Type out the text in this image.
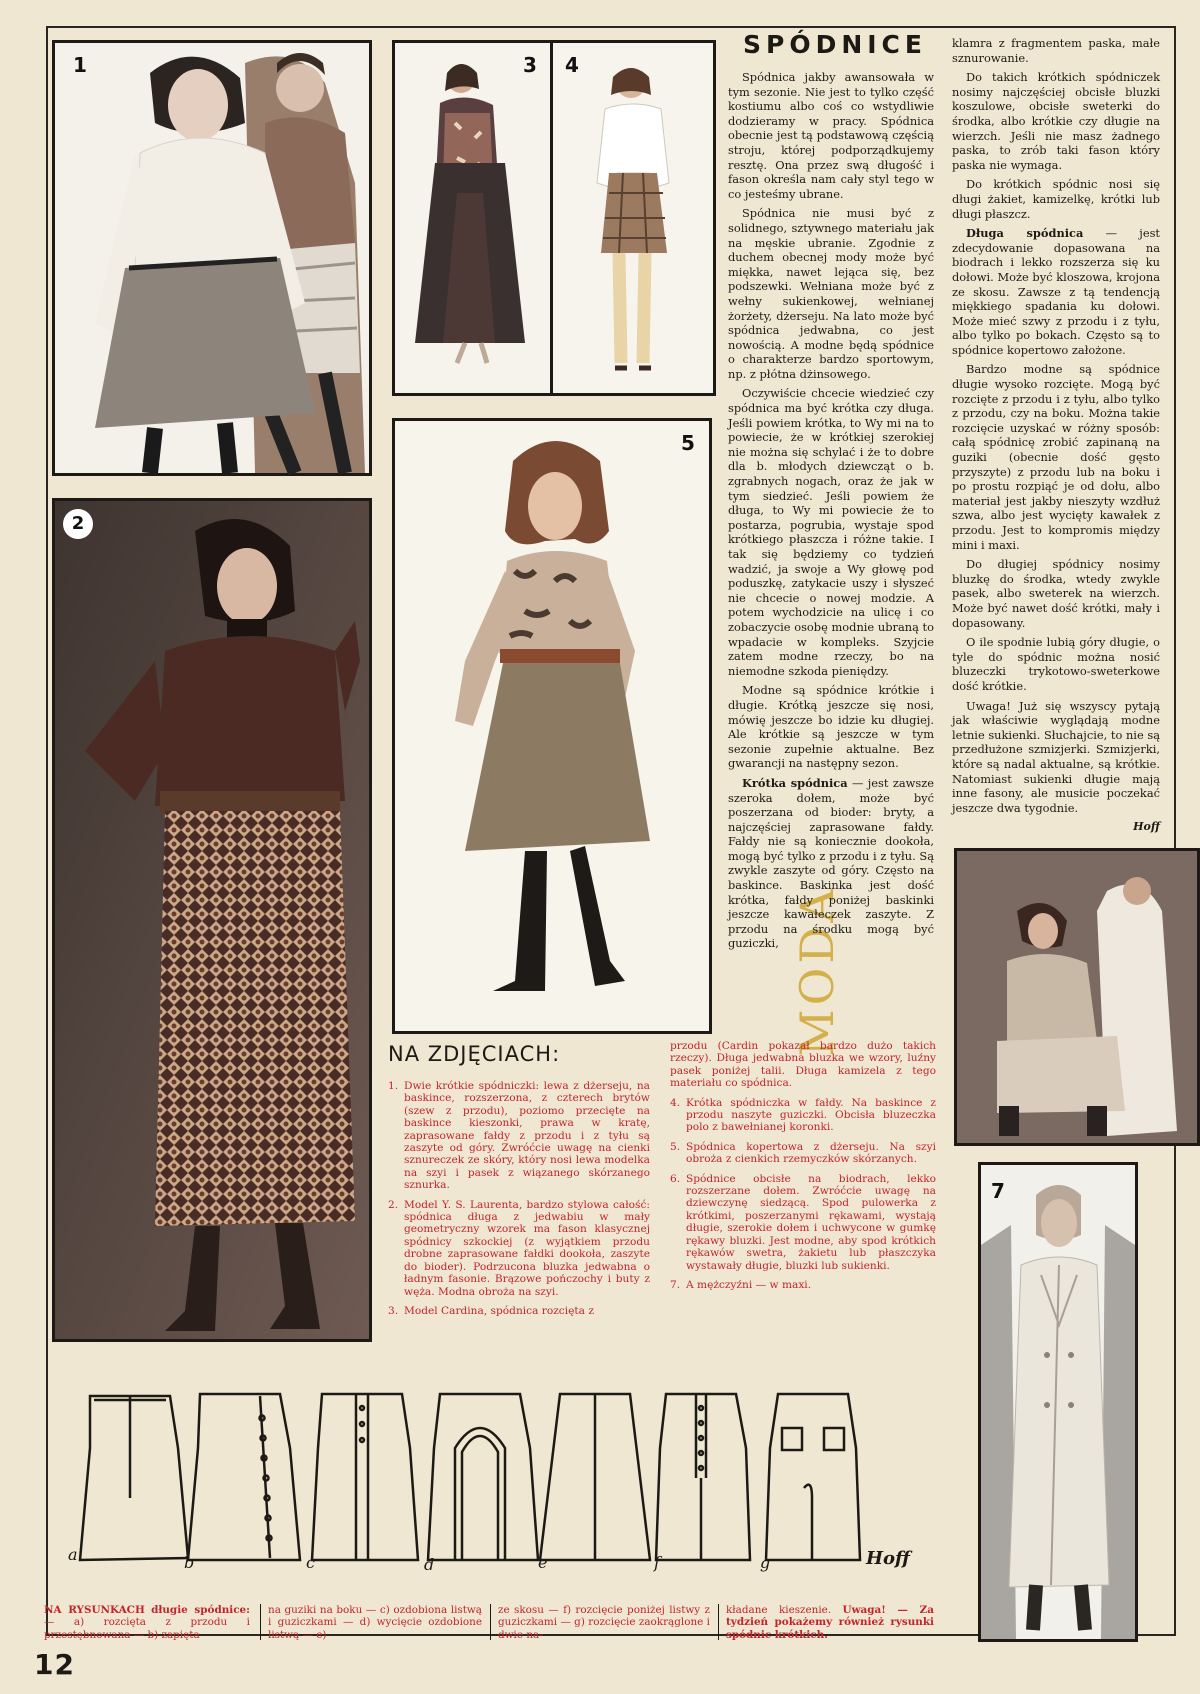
1	3 4
MODA
5
2
7
SPÓDNICE

Spódnica jakby awansowała w tym sezonie. Nie jest to tylko część kostiumu albo coś co wstydliwie dodzieramy w pracy. Spódnica obecnie jest tą podstawową częścią stroju, której podporządkujemy resztę. Ona przez swą długość i fason określa nam cały styl tego w co jesteśmy ubrane.

Spódnica nie musi być z solidnego, sztywnego materiału jak na męskie ubranie. Zgodnie z duchem obecnej mody może być miękka, nawet lejąca się, bez podszewki. Wełniana może być z wełny sukienkowej, wełnianej żorżety, dżerseju. Na lato może być spódnica jedwabna, co jest nowością. A modne będą spódnice o charakterze bardzo sportowym, np. z płótna dżinsowego.

Oczywiście chcecie wiedzieć czy spódnica ma być krótka czy długa. Jeśli powiem krótka, to Wy mi na to powiecie, że w krótkiej szerokiej nie można się schylać i że to dobre dla b. młodych dziewcząt o b. zgrabnych nogach, oraz że jak w tym siedzieć. Jeśli powiem że długa, to Wy mi powiecie że to postarza, pogrubia, wystaje spod krótkiego płaszcza i różne takie. I tak się będziemy co tydzień wadzić, ja swoje a Wy głowę pod poduszkę, zatykacie uszy i słyszeć nie chcecie o nowej modzie. A potem wychodzicie na ulicę i co zobaczycie osobę modnie ubraną to wpadacie w kompleks. Szyjcie zatem modne rzeczy, bo na niemodne szkoda pieniędzy.

Modne są spódnice krótkie i długie. Krótką jeszcze się nosi, mówię jeszcze bo idzie ku długiej. Ale krótkie są jeszcze w tym sezonie zupełnie aktualne. Bez gwarancji na następny sezon.

Krótka spódnica — jest zawsze szeroka dołem, może być poszerzana od bioder: bryty, a najczęściej zaprasowane fałdy. Fałdy nie są koniecznie dookoła, mogą być tylko z przodu i z tyłu. Są zwykle zaszyte od góry. Często na baskince. Baskinka jest dość krótka, fałdy poniżej baskinki jeszcze kawałeczek zaszyte. Z przodu na środku mogą być guziczki,

klamra z fragmentem paska, małe sznurowanie.

Do takich krótkich spódniczek nosimy najczęściej obcisłe bluzki koszulowe, obcisłe sweterki do środka, albo krótkie czy długie na wierzch. Jeśli nie masz żadnego paska, to zrób taki fason który paska nie wymaga.

Do krótkich spódnic nosi się długi żakiet, kamizelkę, krótki lub długi płaszcz.

Długa spódnica — jest zdecydowanie dopasowana na biodrach i lekko rozszerza się ku dołowi. Może być kloszowa, krojona ze skosu. Zawsze z tą tendencją miękkiego spadania ku dołowi. Może mieć szwy z przodu i z tyłu, albo tylko po bokach. Często są to spódnice kopertowo założone.

Bardzo modne są spódnice długie wysoko rozcięte. Mogą być rozcięte z przodu i z tyłu, albo tylko z przodu, czy na boku. Można takie rozcięcie uzyskać w różny sposób: całą spódnicę zrobić zapinaną na guziki (obecnie dość gęsto przyszyte) z przodu lub na boku i po prostu rozpiąć je od dołu, albo materiał jest jakby nieszyty wzdłuż szwa, albo jest wycięty kawałek z przodu. Jest to kompromis między mini i maxi.

Do długiej spódnicy nosimy bluzkę do środka, wtedy zwykle pasek, albo sweterek na wierzch. Może być nawet dość krótki, mały i dopasowany.

O ile spodnie lubią góry długie, o tyle do spódnic można nosić bluzeczki trykotowo-sweterkowe dość krótkie.

Uwaga! Już się wszyscy pytają jak właściwie wyglądają modne letnie sukienki. Słuchajcie, to nie są przedłużone szmizjerki. Szmizjerki, które są nadal aktualne, są krótkie. Natomiast sukienki długie mają inne fasony, ale musicie poczekać jeszcze dwa tygodnie.

Hoff
NA ZDJĘCIACH:
1. Dwie krótkie spódniczki: lewa z dżerseju, na baskince, rozszerzona, z czterech brytów (szew z przodu), poziomo przecięte na baskince kieszonki, prawa w kratę, zaprasowane fałdy z przodu i z tyłu są zaszyte od góry. Zwróćcie uwagę na cienki sznureczek ze skóry, który nosi lewa modelka na szyi i pasek z wiązanego skórzanego sznurka.
2. Model Y. S. Laurenta, bardzo stylowa całość: spódnica długa z jedwabiu w mały geometryczny wzorek ma fason klasycznej spódnicy szkockiej (z wyjątkiem przodu drobne zaprasowane fałdki dookoła, zaszyte do bioder). Podrzucona bluzka jedwabna o ładnym fasonie. Brązowe pończochy i buty z węża. Modna obroża na szyi.
3. Model Cardina, spódnica rozcięta z
przodu (Cardin pokazał bardzo dużo takich rzeczy). Długa jedwabna bluzka we wzory, luźny pasek poniżej talii. Długa kamizela z tego materiału co spódnica.
4. Krótka spódniczka w fałdy. Na baskince z przodu naszyte guziczki. Obcisła bluzeczka polo z bawełnianej koronki.
5. Spódnica kopertowa z dżerseju. Na szyi obroża z cienkich rzemyczków skórzanych.
6. Spódnice obcisłe na biodrach, lekko rozszerzane dołem. Zwróćcie uwagę na dziewczynę siedzącą. Spod pulowerka z krótkimi, poszerzanymi rękawami, wystają długie, szerokie dołem i uchwycone w gumkę rękawy bluzki. Jest modne, aby spod krótkich rękawów swetra, żakietu lub płaszczyka wystawały długie, bluzki lub sukienki.
7. A mężczyźni — w maxi.
a	b	c	d	e	f	g	Hoff
NA RYSUNKACH długie spódnice: — a) rozcięta z przodu i przestębnowana — b) zapięta
na guziki na boku — c) ozdobiona listwą i guziczkami — d) wycięcie ozdobione listwą — e)
ze skosu — f) rozcięcie poniżej listwy z guziczkami — g) rozcięcie zaokrąglone i dwie na-
kładane kieszenie. Uwaga! — Za tydzień pokażemy również rysunki spódnic krótkich.
12
